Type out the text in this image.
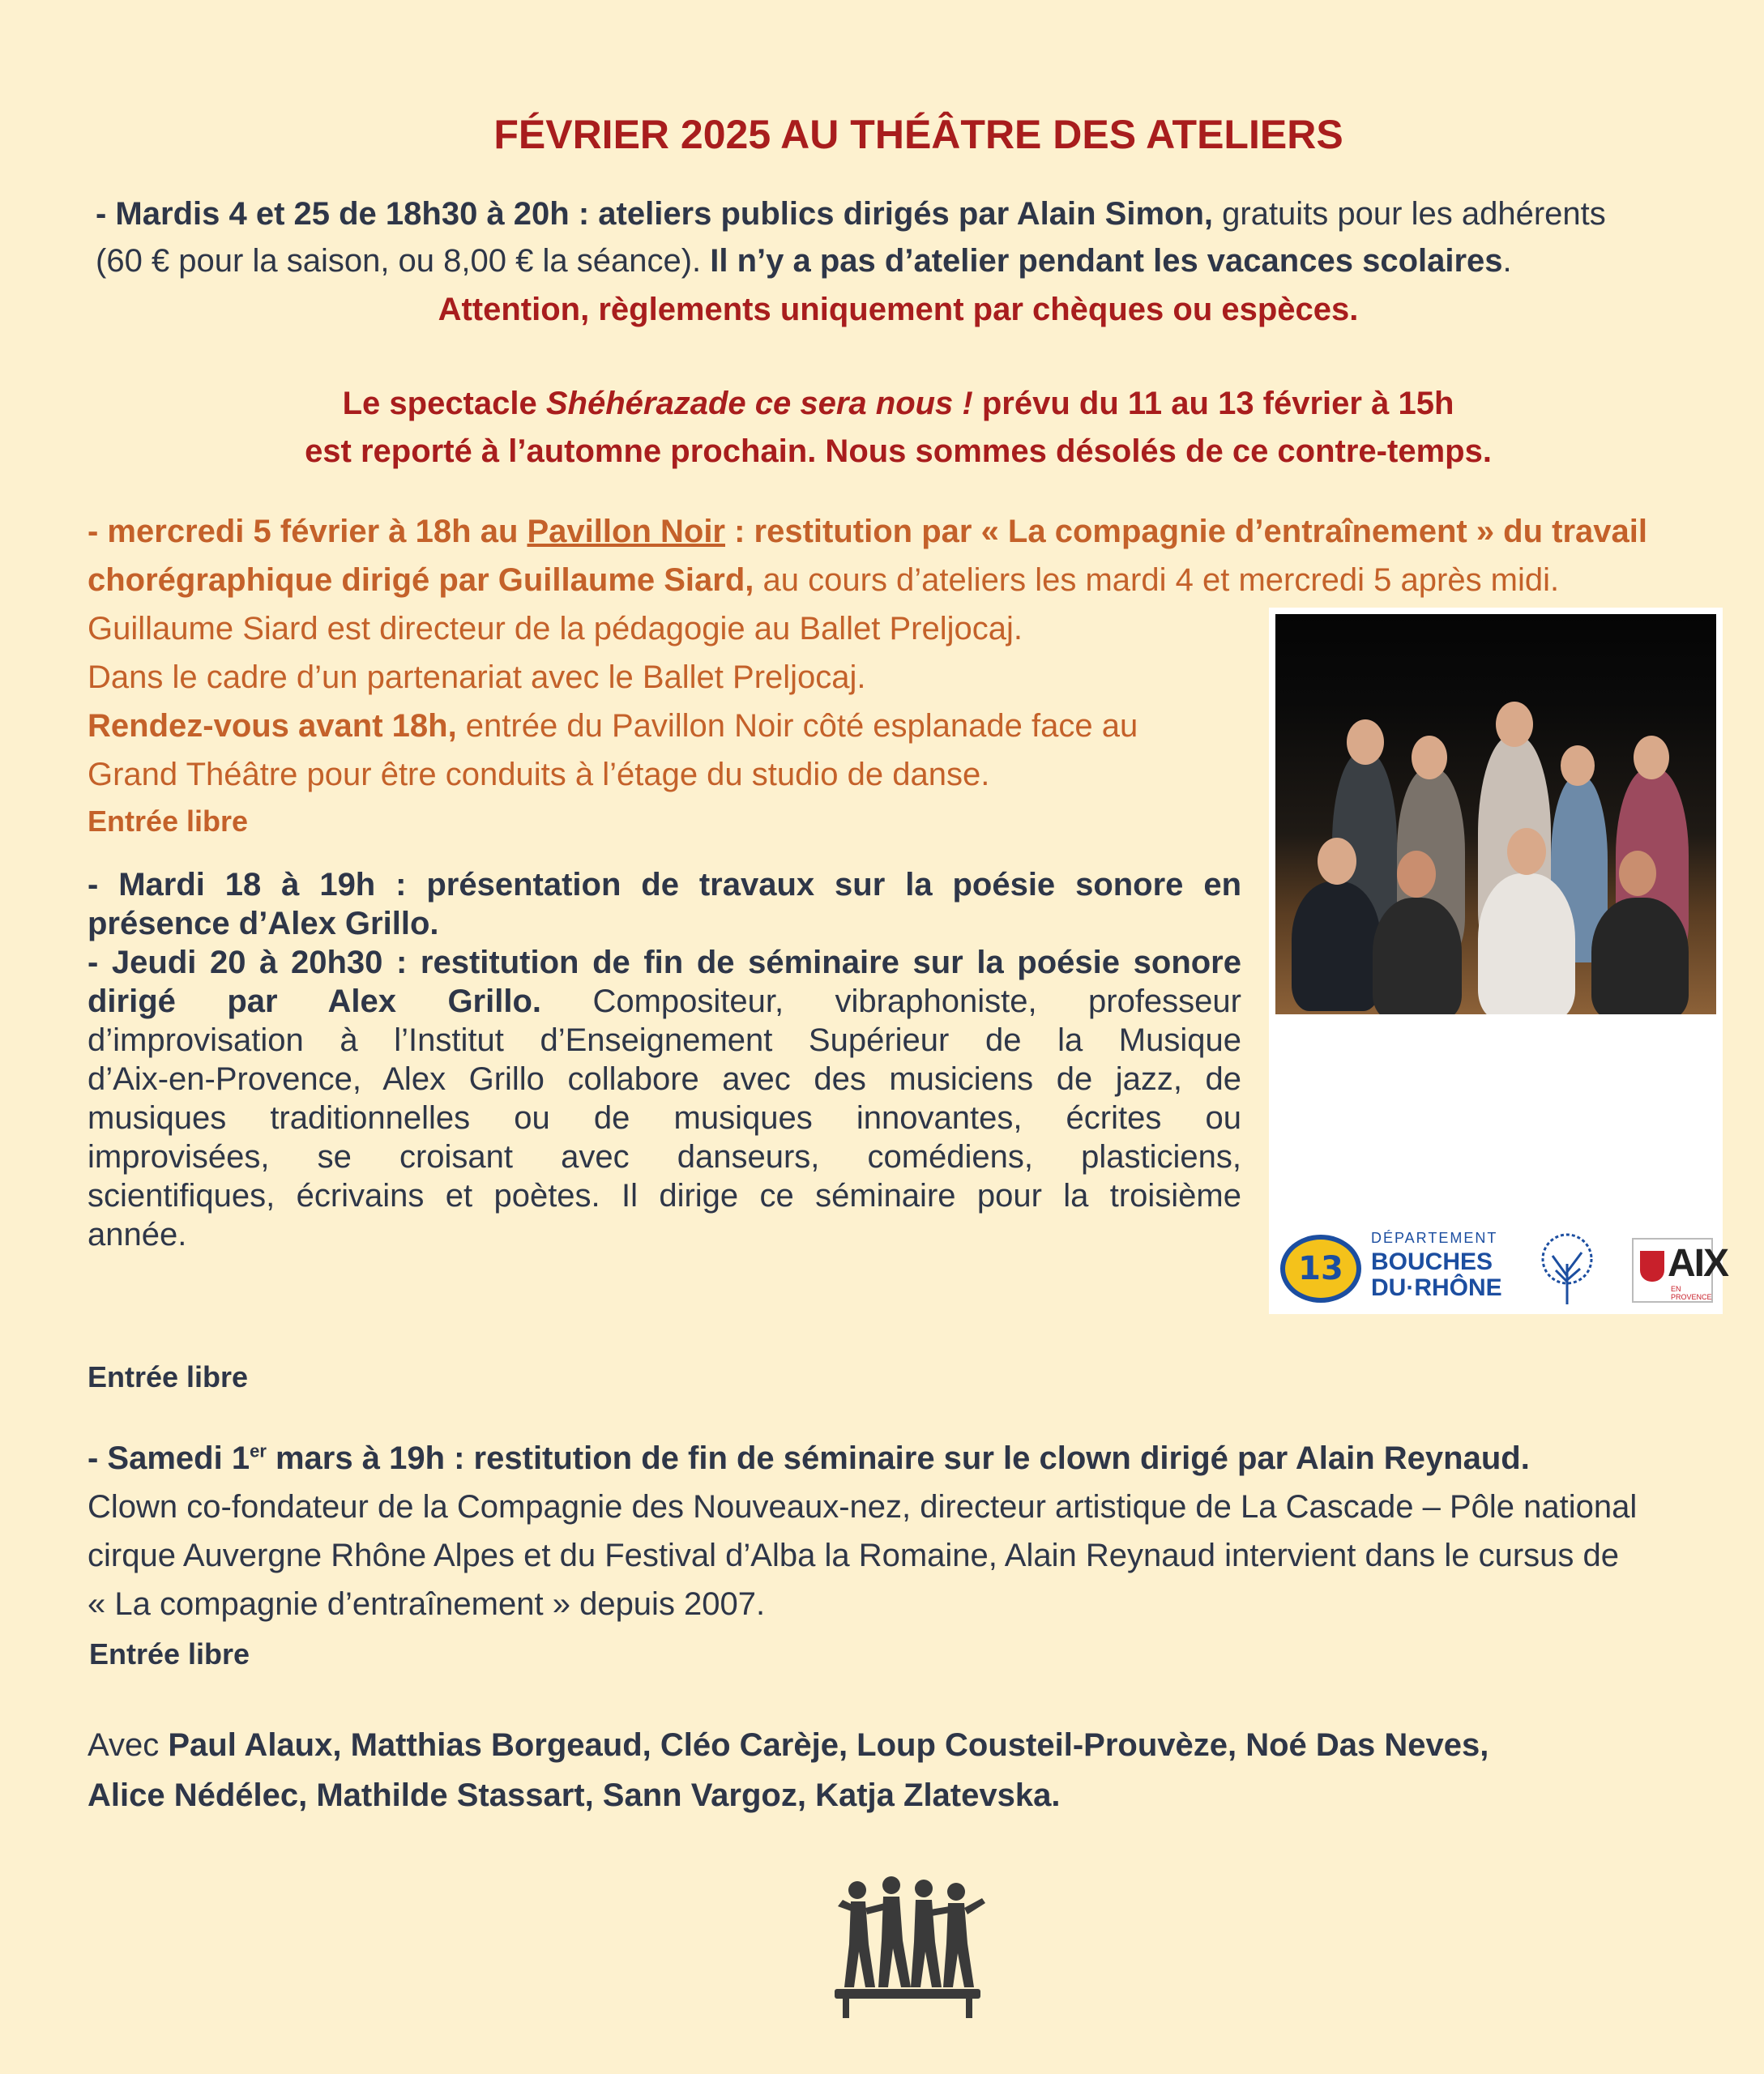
FÉVRIER 2025 AU THÉÂTRE DES ATELIERS
- Mardis 4 et 25 de 18h30 à 20h : ateliers publics dirigés par Alain Simon, gratuits pour les adhérents
(60 € pour la saison, ou 8,00 € la séance). Il n’y a pas d’atelier pendant les vacances scolaires.
Attention, règlements uniquement par chèques ou espèces.
Le spectacle Shéhérazade ce sera nous ! prévu du 11 au 13 février à 15h
est reporté à l’automne prochain. Nous sommes désolés de ce contre-temps.
- mercredi 5 février à 18h au Pavillon Noir : restitution par « La compagnie d’entraînement » du travail
chorégraphique dirigé par Guillaume Siard, au cours d’ateliers les mardi 4 et mercredi 5 après midi.
Guillaume Siard est directeur de la pédagogie au Ballet Preljocaj.
Dans le cadre d’un partenariat avec le Ballet Preljocaj.
Rendez-vous avant 18h, entrée du Pavillon Noir côté esplanade face au
Grand Théâtre pour être conduits à l’étage du studio de danse.
Entrée libre
- Mardi 18 à 19h : présentation de travaux sur la poésie sonore en
présence d’Alex Grillo.
- Jeudi 20 à 20h30 : restitution de fin de séminaire sur la poésie sonore
dirigé par Alex Grillo. Compositeur, vibraphoniste, professeur
d’improvisation à l’Institut d’Enseignement Supérieur de la Musique
d’Aix-en-Provence, Alex Grillo collabore avec des musiciens de jazz, de
musiques traditionnelles ou de musiques innovantes, écrites ou
improvisées, se croisant avec danseurs, comédiens, plasticiens,
scientifiques, écrivains et poètes. Il dirige ce séminaire pour la troisième
année.
Entrée libre
13
DÉPARTEMENT
BOUCHES
DU·RHÔNE
AIX
EN PROVENCE
- Samedi 1er mars à 19h : restitution de fin de séminaire sur le clown dirigé par Alain Reynaud.
Clown co-fondateur de la Compagnie des Nouveaux-nez, directeur artistique de La Cascade – Pôle national
cirque Auvergne Rhône Alpes et du Festival d’Alba la Romaine, Alain Reynaud intervient dans le cursus de
« La compagnie d’entraînement » depuis 2007.
Entrée libre
Avec Paul Alaux, Matthias Borgeaud, Cléo Carèje, Loup Cousteil-Prouvèze, Noé Das Neves,
Alice Nédélec, Mathilde Stassart, Sann Vargoz, Katja Zlatevska.
